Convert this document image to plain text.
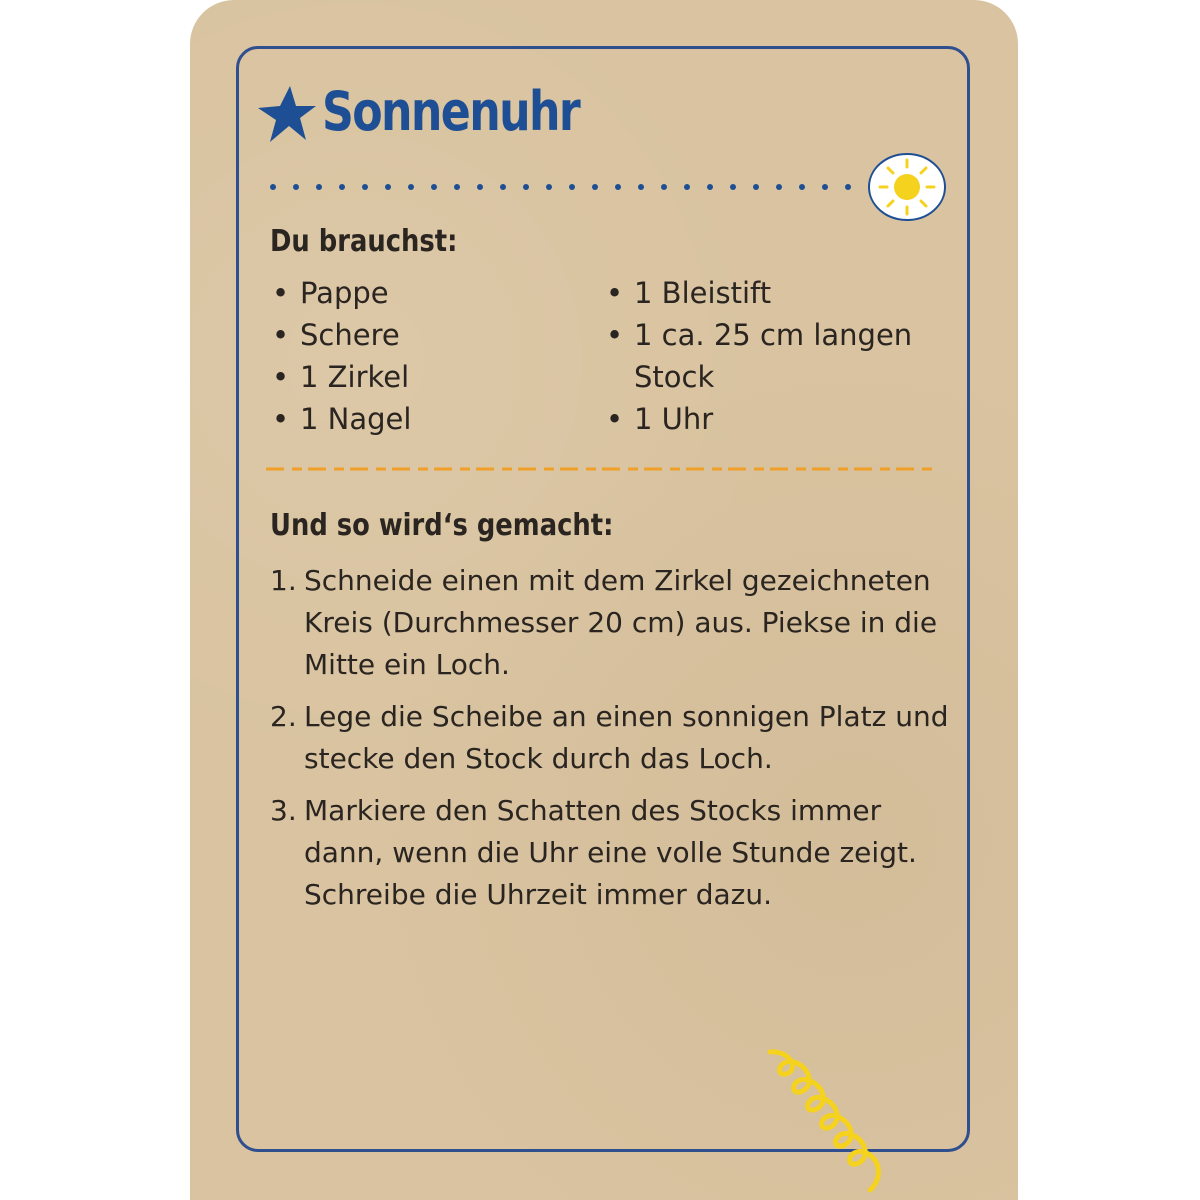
Sonnenuhr
Du brauchst:
• Pappe
• Schere
• 1 Zirkel
• 1 Nagel
• 1 Bleistift
• 1 ca. 25 cm langen Stock
• 1 Uhr
Und so wird‘s gemacht:
1. Schneide einen mit dem Zirkel gezeichneten Kreis (Durchmesser 20 cm) aus. Piekse in die Mitte ein Loch.
2. Lege die Scheibe an einen sonnigen Platz und stecke den Stock durch das Loch.
3. Markiere den Schatten des Stocks immer dann, wenn die Uhr eine volle Stunde zeigt. Schreibe die Uhrzeit immer dazu.
